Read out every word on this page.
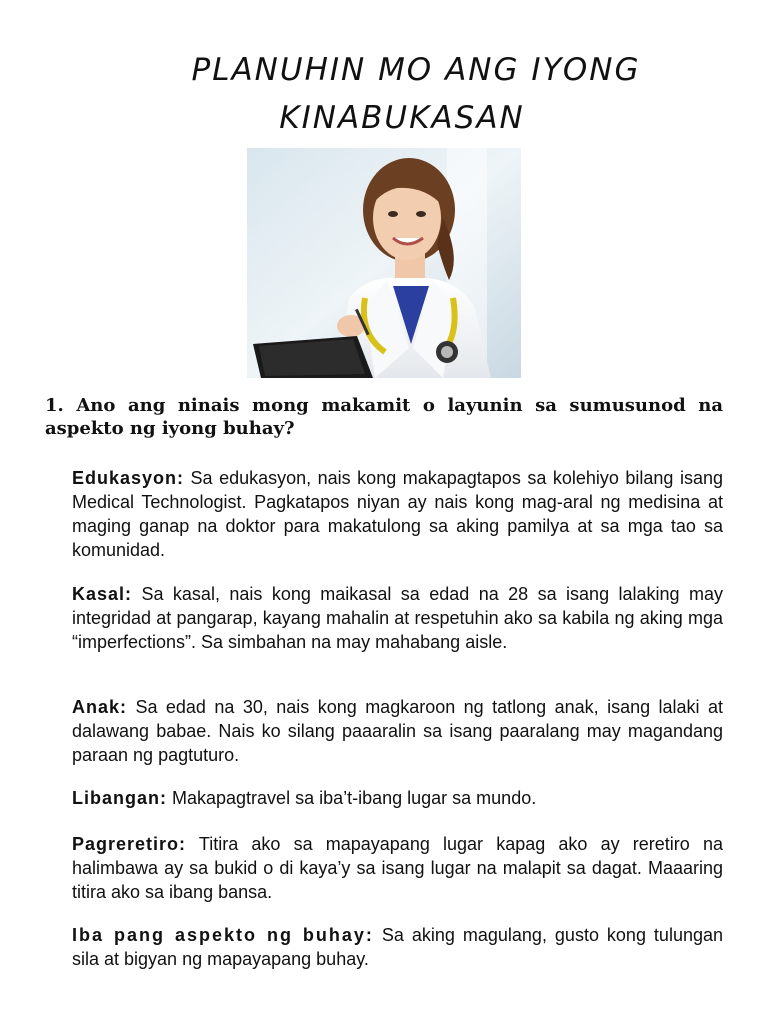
PLANUHIN MO ANG IYONG
KINABUKASAN
1. Ano ang ninais mong makamit o layunin sa sumusunod na aspekto ng iyong buhay?
Edukasyon: Sa edukasyon, nais kong makapagtapos sa kolehiyo bilang isang Medical Technologist. Pagkatapos niyan ay nais kong mag-aral ng medisina at maging ganap na doktor para makatulong sa aking pamilya at sa mga tao sa komunidad.
Kasal: Sa kasal, nais kong maikasal sa edad na 28 sa isang lalaking may integridad at pangarap, kayang mahalin at respetuhin ako sa kabila ng aking mga “imperfections”. Sa simbahan na may mahabang aisle.
Anak: Sa edad na 30, nais kong magkaroon ng tatlong anak, isang lalaki at dalawang babae. Nais ko silang paaaralin sa isang paaralang may magandang paraan ng pagtuturo.
Libangan: Makapagtravel sa iba’t-ibang lugar sa mundo.
Pagreretiro: Titira ako sa mapayapang lugar kapag ako ay reretiro na halimbawa ay sa bukid o di kaya’y sa isang lugar na malapit sa dagat. Maaaring titira ako sa ibang bansa.
Iba pang aspekto ng buhay: Sa aking magulang, gusto kong tulungan sila at bigyan ng mapayapang buhay.
